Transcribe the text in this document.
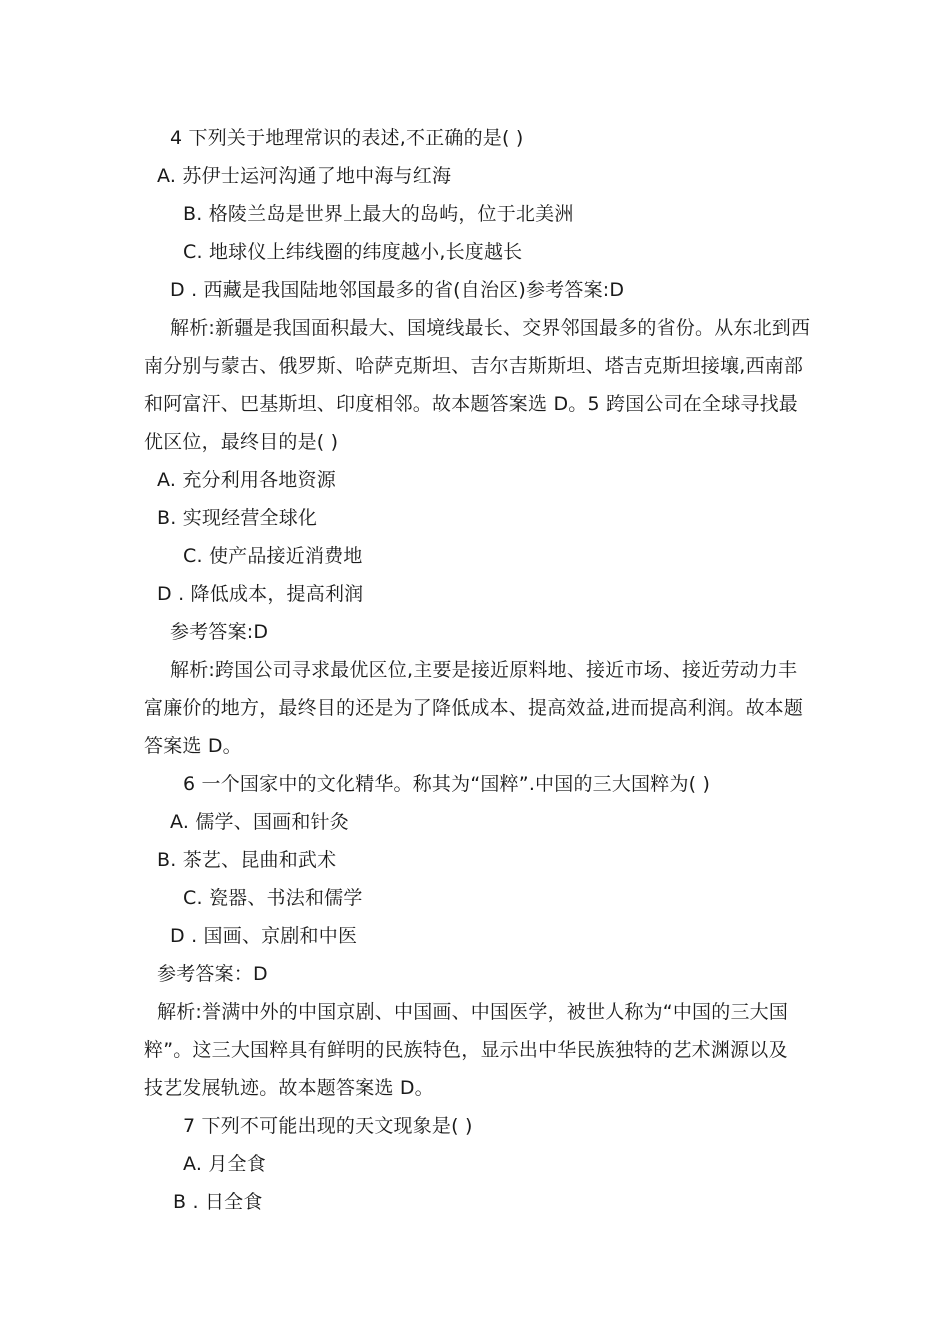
4 下列关于地理常识的表述,不正确的是( )
A. 苏伊士运河沟通了地中海与红海
B. 格陵兰岛是世界上最大的岛屿，位于北美洲
C. 地球仪上纬线圈的纬度越小,长度越长
D . 西藏是我国陆地邻国最多的省(自治区)参考答案:D
解析:新疆是我国面积最大、国境线最长、交界邻国最多的省份。从东北到西
南分别与蒙古、俄罗斯、哈萨克斯坦、吉尔吉斯斯坦、塔吉克斯坦接壤,西南部
和阿富汗、巴基斯坦、印度相邻。故本题答案选 D。5 跨国公司在全球寻找最
优区位，最终目的是( )
A. 充分利用各地资源
B. 实现经营全球化
C. 使产品接近消费地
D . 降低成本，提高利润
参考答案:D
解析:跨国公司寻求最优区位,主要是接近原料地、接近市场、接近劳动力丰
富廉价的地方，最终目的还是为了降低成本、提高效益,进而提高利润。故本题
答案选 D。
6 一个国家中的文化精华。称其为“国粹”.中国的三大国粹为( )
A. 儒学、国画和针灸
B. 茶艺、昆曲和武术
C. 瓷器、书法和儒学
D . 国画、京剧和中医
参考答案：D
解析:誉满中外的中国京剧、中国画、中国医学，被世人称为“中国的三大国
粹”。这三大国粹具有鲜明的民族特色，显示出中华民族独特的艺术渊源以及
技艺发展轨迹。故本题答案选 D。
7 下列不可能出现的天文现象是( )
A. 月全食
B . 日全食
